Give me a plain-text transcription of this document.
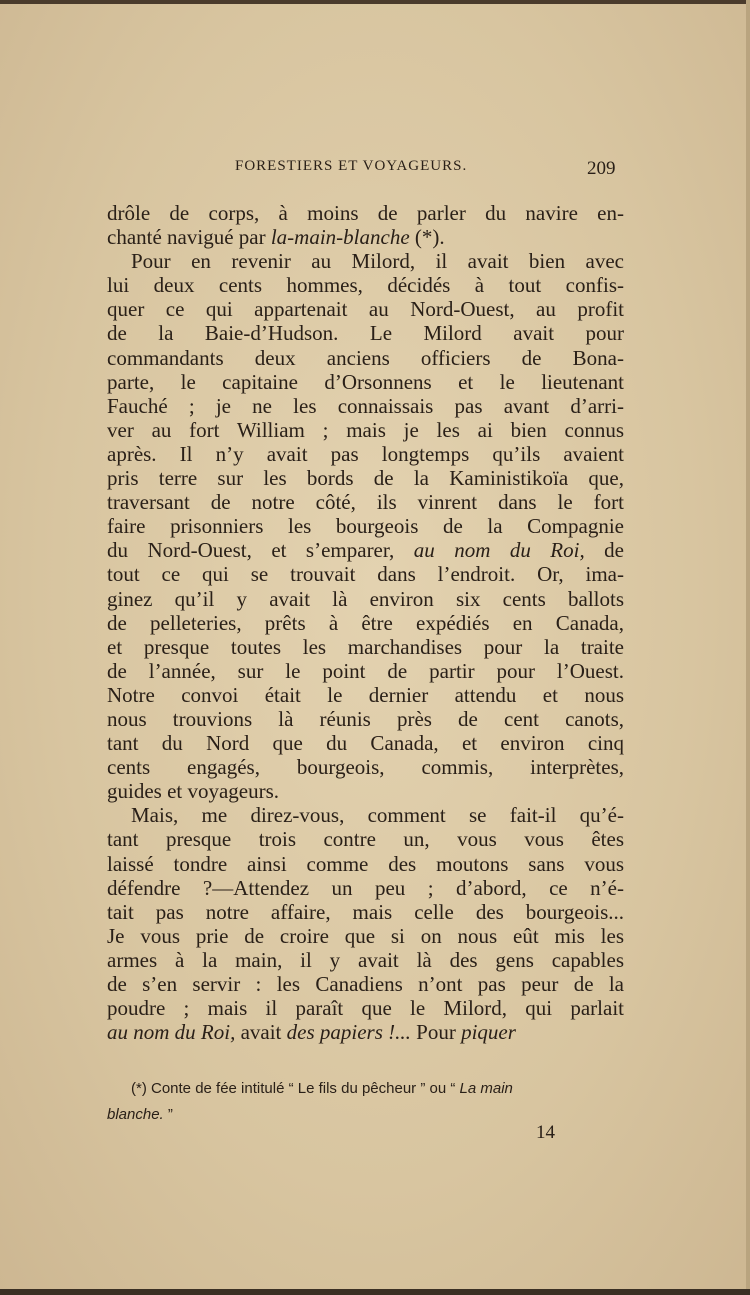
FORESTIERS ET VOYAGEURS.	209
drôle de corps, à moins de parler du navire en-
chanté navigué par la-main-blanche (*).
Pour en revenir au Milord, il avait bien avec
lui deux cents hommes, décidés à tout confis-
quer ce qui appartenait au Nord-Ouest, au profit
de la Baie-d’Hudson. Le Milord avait pour
commandants deux anciens officiers de Bona-
parte, le capitaine d’Orsonnens et le lieutenant
Fauché ; je ne les connaissais pas avant d’arri-
ver au fort William ; mais je les ai bien connus
après. Il n’y avait pas longtemps qu’ils avaient
pris terre sur les bords de la Kaministikoïa que,
traversant de notre côté, ils vinrent dans le fort
faire prisonniers les bourgeois de la Compagnie
du Nord-Ouest, et s’emparer, au nom du Roi, de
tout ce qui se trouvait dans l’endroit. Or, ima-
ginez qu’il y avait là environ six cents ballots
de pelleteries, prêts à être expédiés en Canada,
et presque toutes les marchandises pour la traite
de l’année, sur le point de partir pour l’Ouest.
Notre convoi était le dernier attendu et nous
nous trouvions là réunis près de cent canots,
tant du Nord que du Canada, et environ cinq
cents engagés, bourgeois, commis, interprètes,
guides et voyageurs.
Mais, me direz-vous, comment se fait-il qu’é-
tant presque trois contre un, vous vous êtes
laissé tondre ainsi comme des moutons sans vous
défendre ?—Attendez un peu ; d’abord, ce n’é-
tait pas notre affaire, mais celle des bourgeois...
Je vous prie de croire que si on nous eût mis les
armes à la main, il y avait là des gens capables
de s’en servir : les Canadiens n’ont pas peur de la
poudre ; mais il paraît que le Milord, qui parlait
au nom du Roi, avait des papiers !... Pour piquer
(*) Conte de fée intitulé “ Le fils du pêcheur ” ou “ La main
blanche. ”
14
